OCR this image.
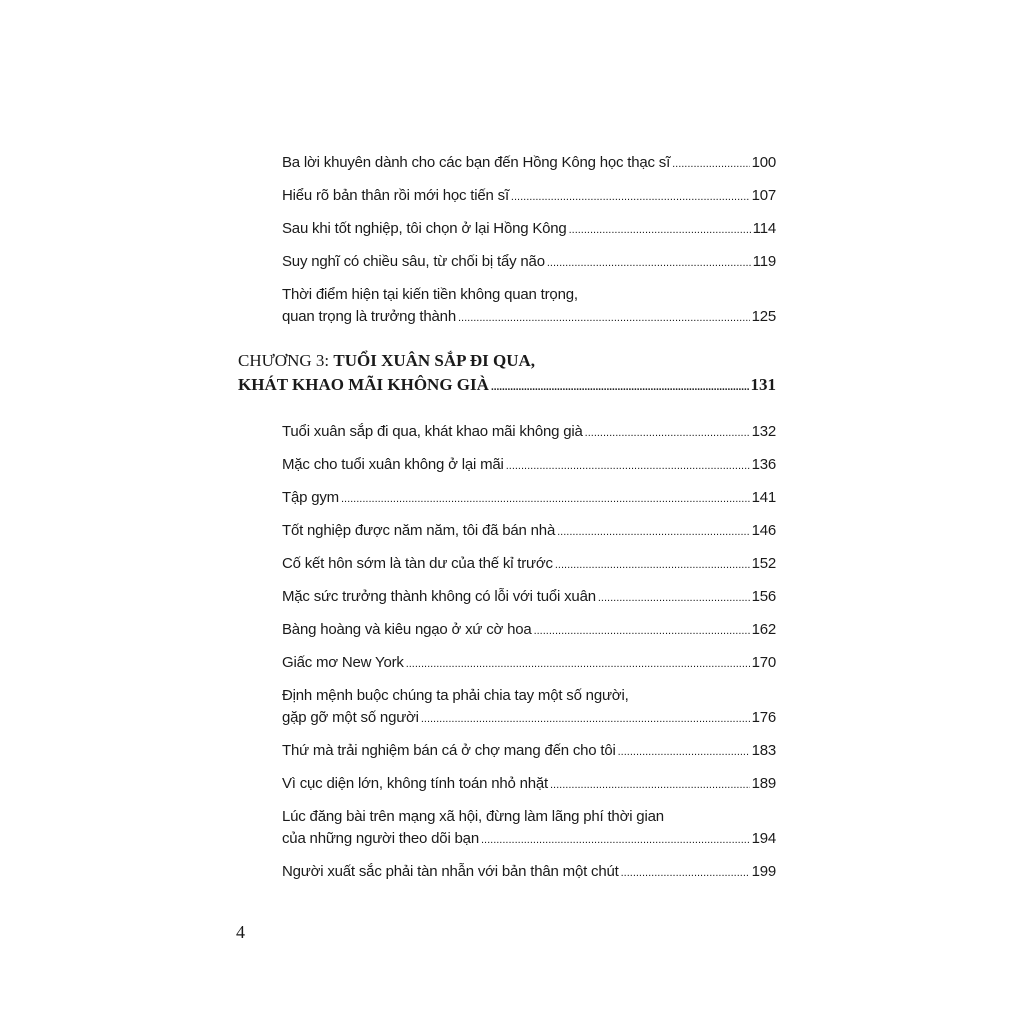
Ba lời khuyên dành cho các bạn đến Hồng Kông học thạc sĩ .....	100
Hiểu rõ bản thân rồi mới học tiến sĩ .....	107
Sau khi tốt nghiệp, tôi chọn ở lại Hồng Kông .....	114
Suy nghĩ có chiều sâu, từ chối bị tẩy não .....	119
Thời điểm hiện tại kiến tiền không quan trọng,
quan trọng là trưởng thành .....	125
CHƯƠNG 3: TUỔI XUÂN SẮP ĐI QUA,
KHÁT KHAO MÃI KHÔNG GIÀ .....	131
Tuổi xuân sắp đi qua, khát khao mãi không già .....	132
Mặc cho tuổi xuân không ở lại mãi .....	136
Tập gym .....	141
Tốt nghiệp được năm năm, tôi đã bán nhà .....	146
Cố kết hôn sớm là tàn dư của thế kỉ trước .....	152
Mặc sức trưởng thành không có lỗi với tuổi xuân .....	156
Bàng hoàng và kiêu ngạo ở xứ cờ hoa .....	162
Giấc mơ New York .....	170
Định mệnh buộc chúng ta phải chia tay một số người,
gặp gỡ một số người .....	176
Thứ mà trải nghiệm bán cá ở chợ mang đến cho tôi .....	183
Vì cục diện lớn, không tính toán nhỏ nhặt .....	189
Lúc đăng bài trên mạng xã hội, đừng làm lãng phí thời gian
của những người theo dõi bạn .....	194
Người xuất sắc phải tàn nhẫn với bản thân một chút .....	199
4
